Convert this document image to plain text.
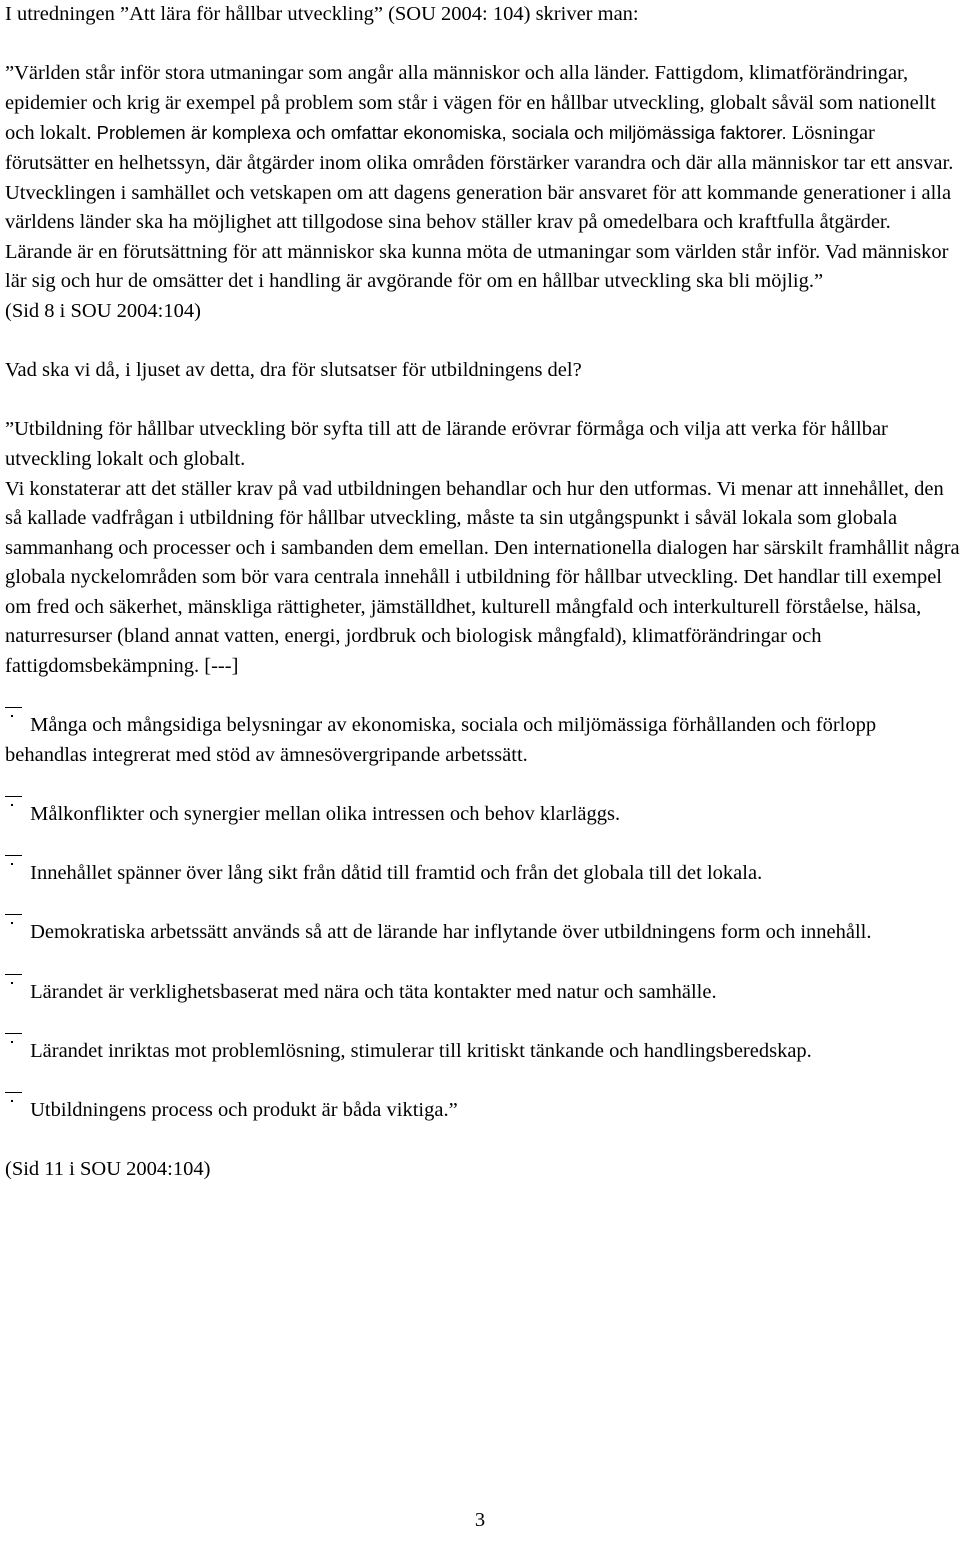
I utredningen ”Att lära för hållbar utveckling” (SOU 2004: 104) skriver man:

”Världen står inför stora utmaningar som angår alla människor och alla länder. Fattigdom, klimatförändringar, epidemier och krig är exempel på problem som står i vägen för en hållbar utveckling, globalt såväl som nationellt och lokalt. Problemen är komplexa och omfattar ekonomiska, sociala och miljömässiga faktorer. Lösningar förutsätter en helhetssyn, där åtgärder inom olika områden förstärker varandra och där alla människor tar ett ansvar. Utvecklingen i samhället och vetskapen om att dagens generation bär ansvaret för att kommande generationer i alla världens länder ska ha möjlighet att tillgodose sina behov ställer krav på omedelbara och kraftfulla åtgärder. Lärande är en förutsättning för att människor ska kunna möta de utmaningar som världen står inför. Vad människor lär sig och hur de omsätter det i handling är avgörande för om en hållbar utveckling ska bli möjlig.”

(Sid 8 i SOU 2004:104)

Vad ska vi då, i ljuset av detta, dra för slutsatser för utbildningens del?

”Utbildning för hållbar utveckling bör syfta till att de lärande erövrar förmåga och vilja att verka för hållbar utveckling lokalt och globalt.

Vi konstaterar att det ställer krav på vad utbildningen behandlar och hur den utformas. Vi menar att innehållet, den så kallade vadfrågan i utbildning för hållbar utveckling, måste ta sin utgångspunkt i såväl lokala som globala sammanhang och processer och i sambanden dem emellan. Den internationella dialogen har särskilt framhållit några globala nyckelområden som bör vara centrala innehåll i utbildning för hållbar utveckling. Det handlar till exempel om fred och säkerhet, mänskliga rättigheter, jämställdhet, kulturell mångfald och interkulturell förståelse, hälsa, naturresurser (bland annat vatten, energi, jordbruk och biologisk mångfald), klimatförändringar och fattigdomsbekämpning. [---]

Många och mångsidiga belysningar av ekonomiska, sociala och miljömässiga förhållanden och förlopp behandlas integrerat med stöd av ämnesövergripande arbetssätt.

Målkonflikter och synergier mellan olika intressen och behov klarläggs.

Innehållet spänner över lång sikt från dåtid till framtid och från det globala till det lokala.

Demokratiska arbetssätt används så att de lärande har inflytande över utbildningens form och innehåll.

Lärandet är verklighetsbaserat med nära och täta kontakter med natur och samhälle.

Lärandet inriktas mot problemlösning, stimulerar till kritiskt tänkande och handlingsberedskap.

Utbildningens process och produkt är båda viktiga.”

(Sid 11 i SOU 2004:104)

3
